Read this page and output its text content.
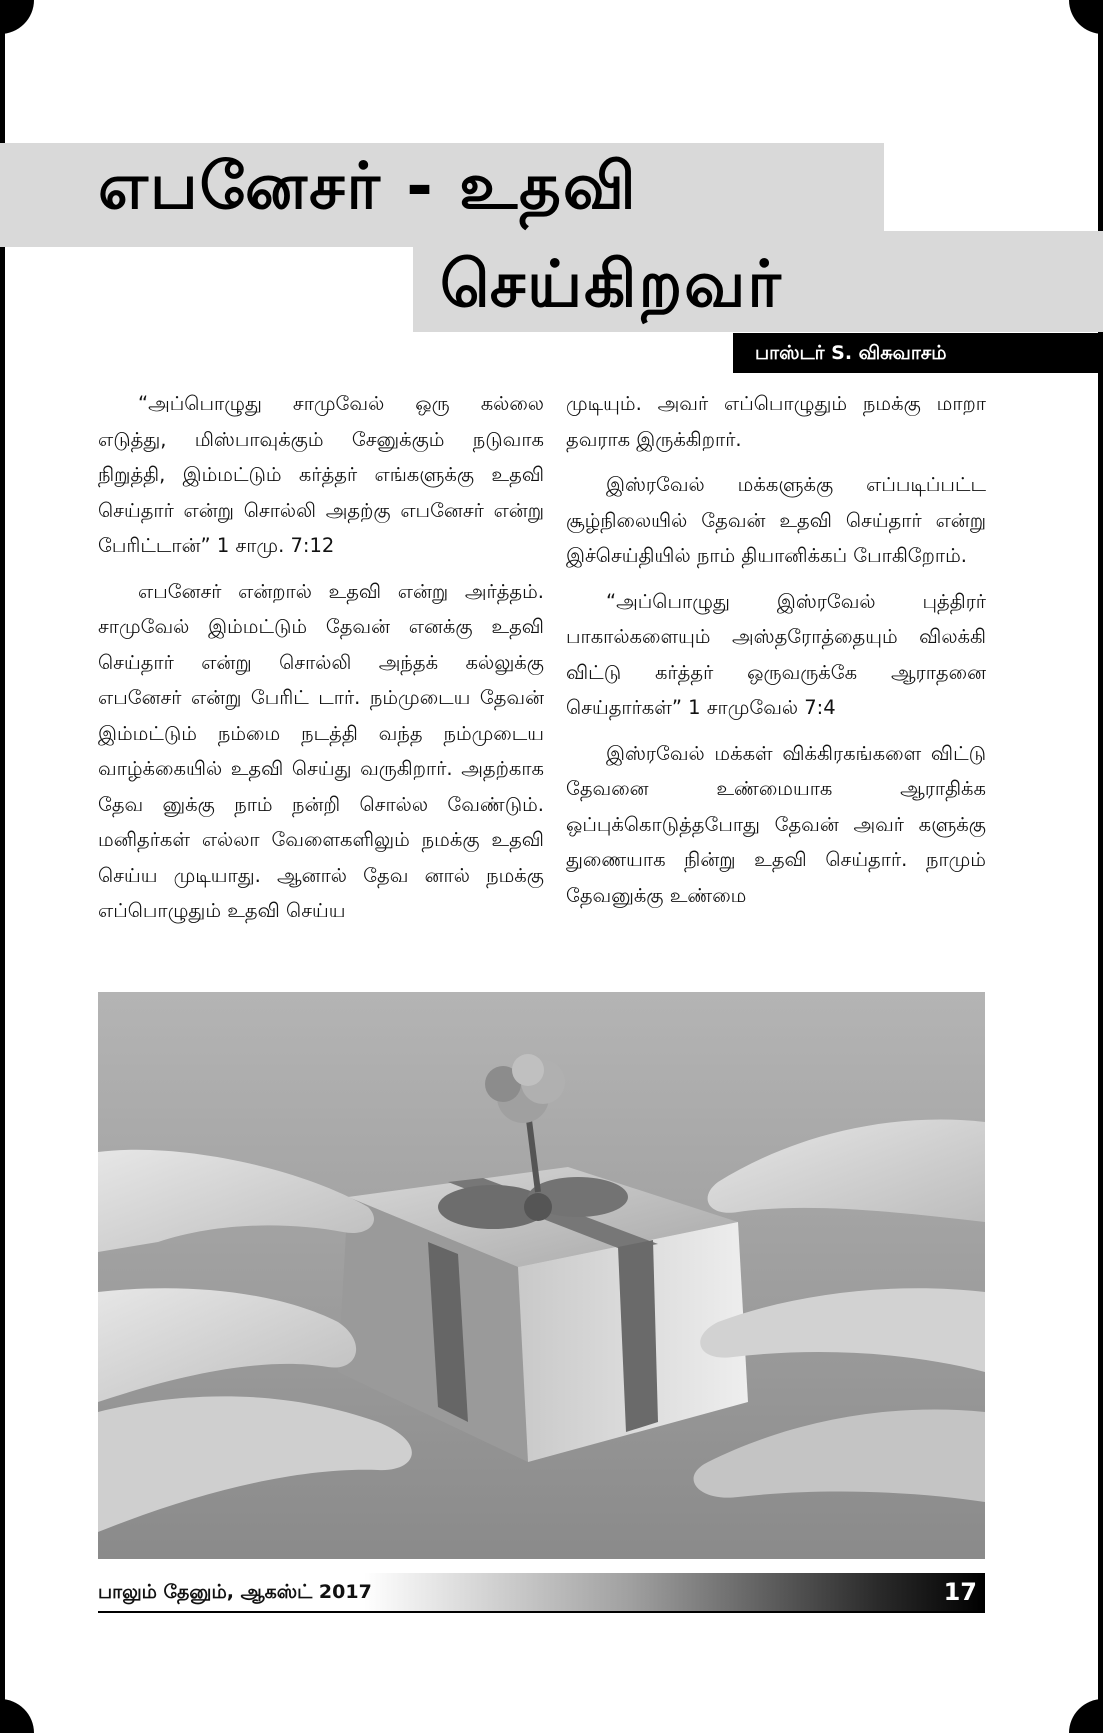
எபனேசர் - உதவி
செய்கிறவர்
பாஸ்டர் S. விசுவாசம்

“அப்பொழுது சாமுவேல் ஒரு கல்லை எடுத்து, மிஸ்பாவுக்கும் சேனுக்கும் நடுவாக நிறுத்தி, இம்மட்டும் கர்த்தர் எங்களுக்கு உதவி செய்தார் என்று சொல்லி அதற்கு எபனேசர் என்று பேரிட்டான்” 1 சாமு. 7:12

எபனேசர் என்றால் உதவி என்று அர்த்தம். சாமுவேல் இம்மட்டும் தேவன் எனக்கு உதவி செய்தார் என்று சொல்லி அந்தக் கல்லுக்கு எபனேசர் என்று பேரிட் டார். நம்முடைய தேவன் இம்மட்டும் நம்மை நடத்தி வந்த நம்முடைய வாழ்க்கையில் உதவி செய்து வருகிறார். அதற்காக தேவ னுக்கு நாம் நன்றி சொல்ல வேண்டும். மனிதர்கள் எல்லா வேளைகளிலும் நமக்கு உதவி செய்ய முடியாது. ஆனால் தேவ னால் நமக்கு எப்பொழுதும் உதவி செய்ய

முடியும். அவர் எப்பொழுதும் நமக்கு மாறா தவராக இருக்கிறார்.

இஸ்ரவேல் மக்களுக்கு எப்படிப்பட்ட சூழ்நிலையில் தேவன் உதவி செய்தார் என்று இச்செய்தியில் நாம் தியானிக்கப் போகிறோம்.

“அப்பொழுது இஸ்ரவேல் புத்திரர் பாகால்களையும் அஸ்தரோத்தையும் விலக்கி விட்டு கர்த்தர் ஒருவருக்கே ஆராதனை செய்தார்கள்” 1 சாமுவேல் 7:4

இஸ்ரவேல் மக்கள் விக்கிரகங்களை விட்டு தேவனை உண்மையாக ஆராதிக்க ஒப்புக்கொடுத்தபோது தேவன் அவர் களுக்கு துணையாக நின்று உதவி செய்தார். நாமும் தேவனுக்கு உண்மை

பாலும் தேனும், ஆகஸ்ட் 2017	17
